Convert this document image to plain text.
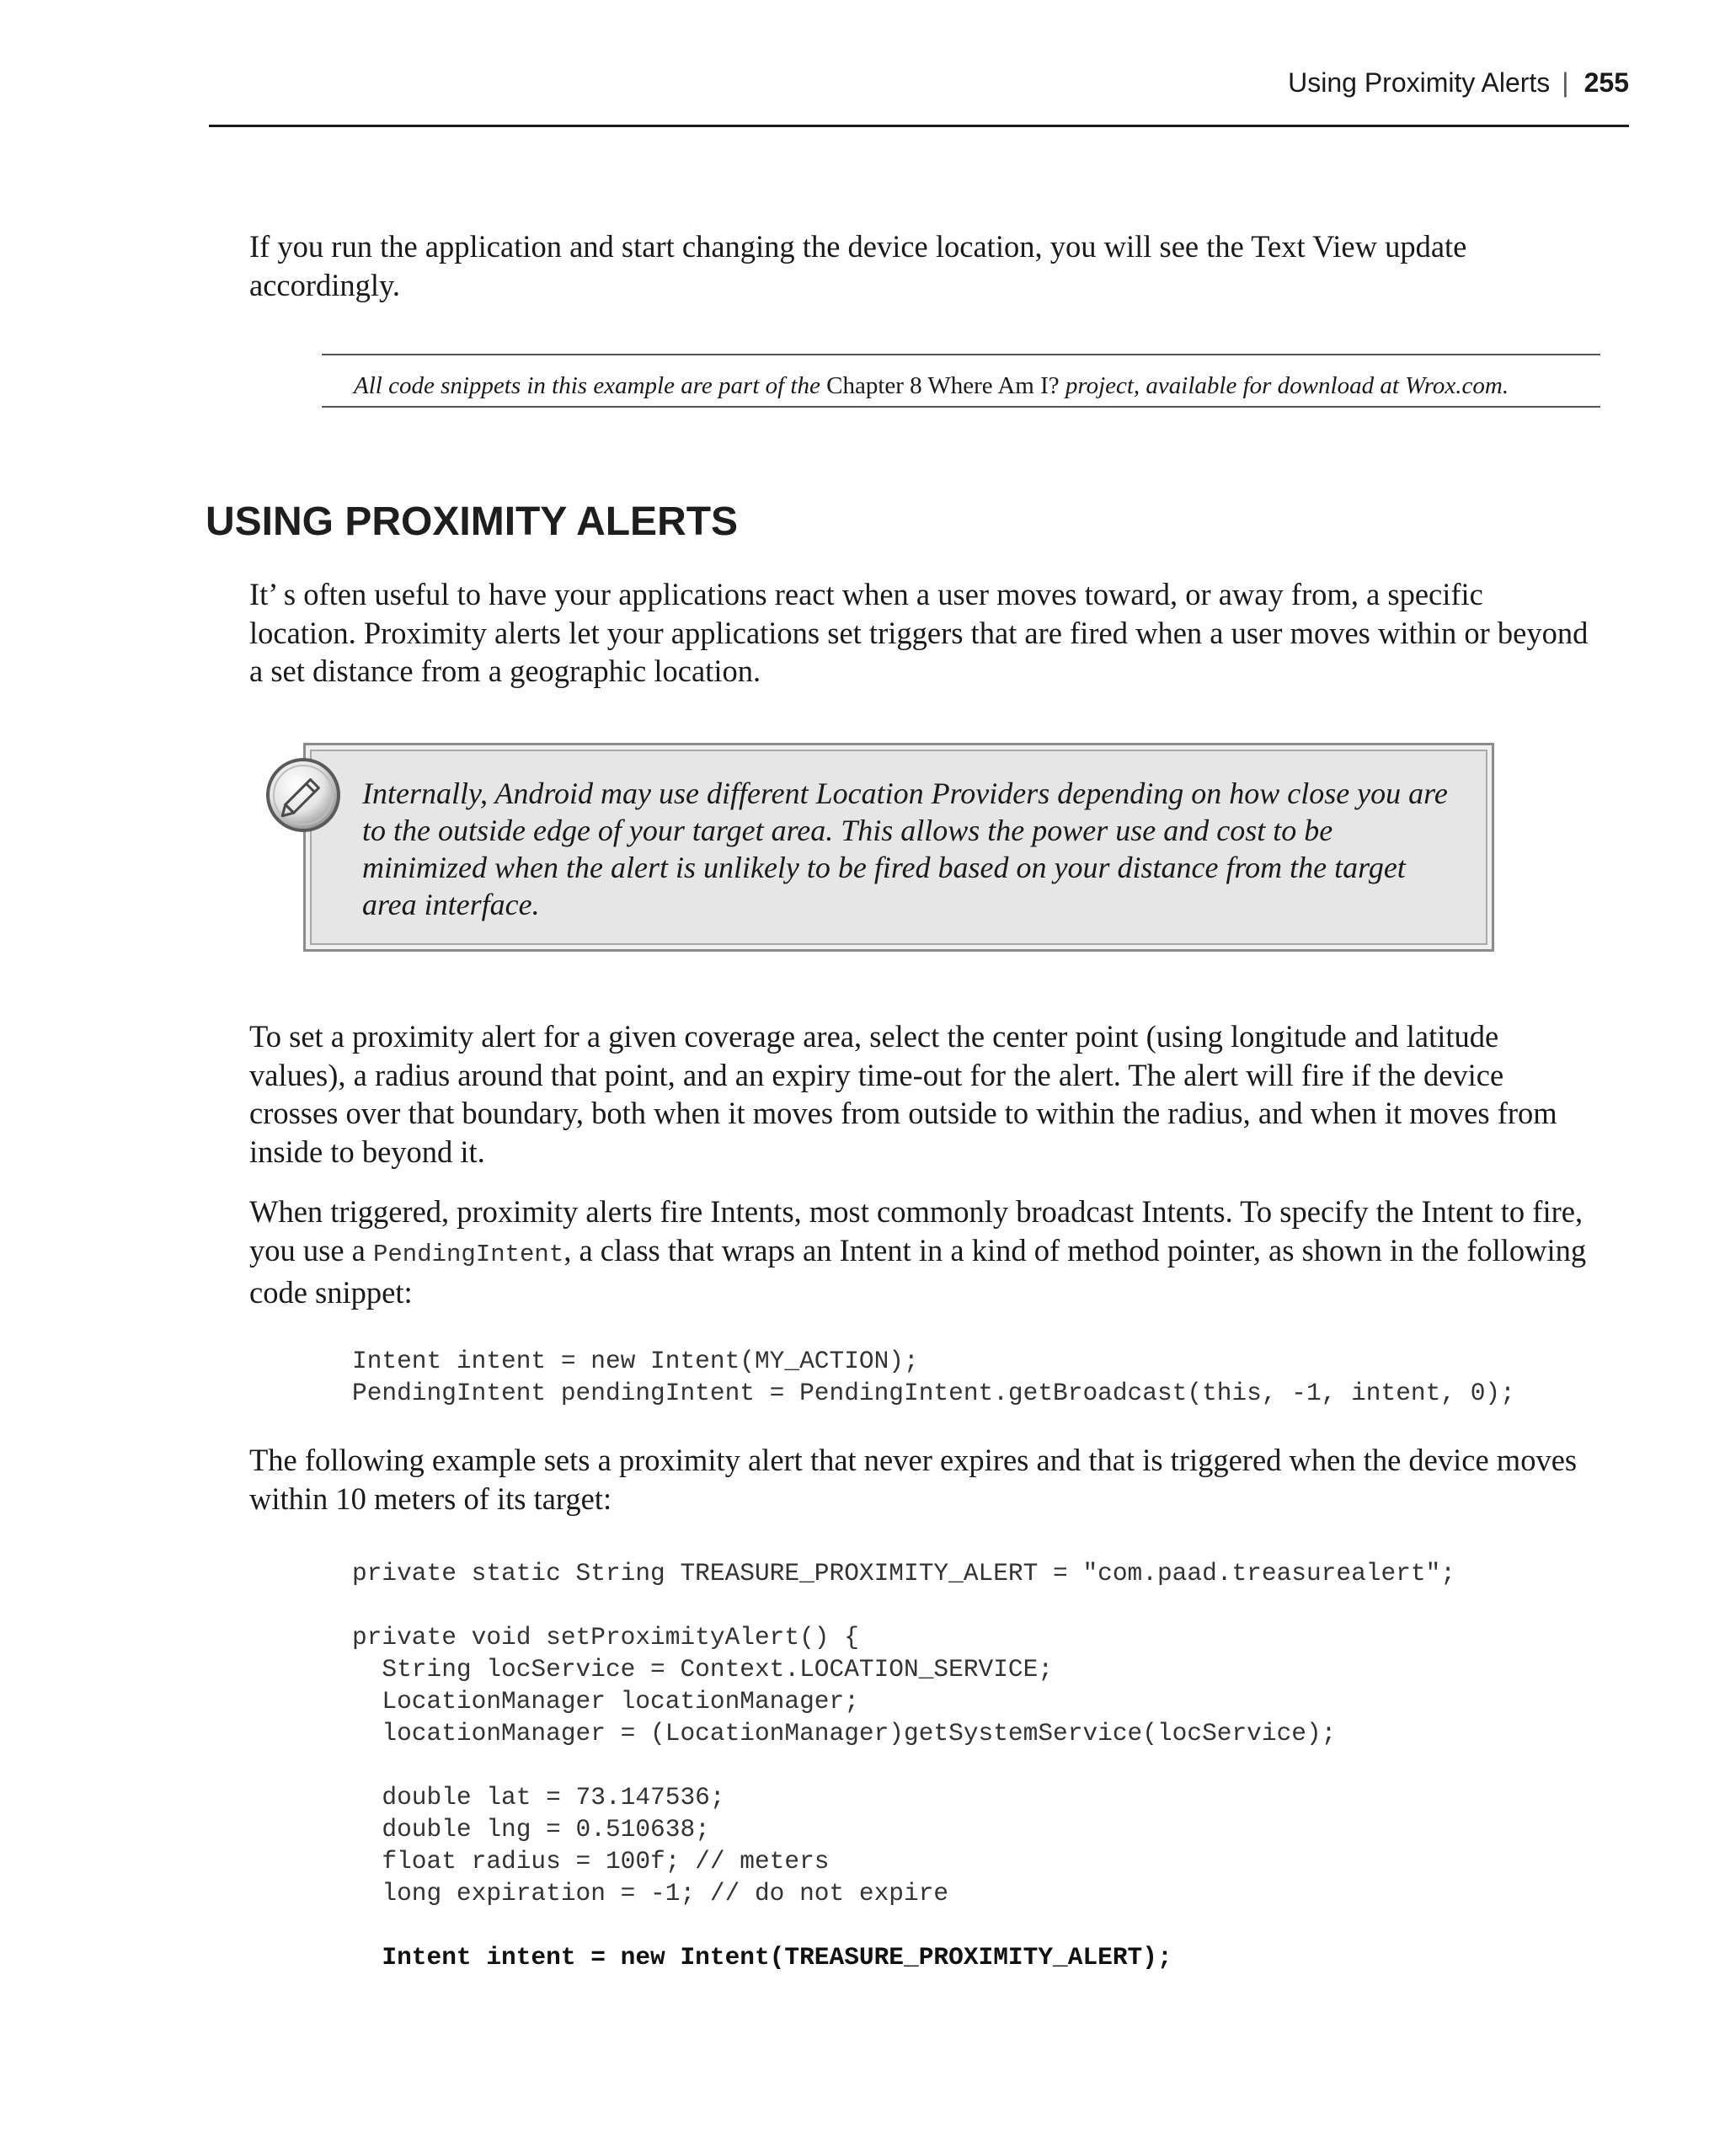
Using Proximity Alerts | 255

If you run the application and start changing the device location, you will see the Text View update accordingly.

All code snippets in this example are part of the Chapter 8 Where Am I? project, available for download at Wrox.com.
USING PROXIMITY ALERTS

It’ s often useful to have your applications react when a user moves toward, or away from, a specific location. Proximity alerts let your applications set triggers that are fired when a user moves within or beyond a set distance from a geographic location.

Internally, Android may use different Location Providers depending on how close you are to the outside edge of your target area. This allows the power use and cost to be minimized when the alert is unlikely to be fired based on your distance from the target area interface.

To set a proximity alert for a given coverage area, select the center point (using longitude and latitude values), a radius around that point, and an expiry time-out for the alert. The alert will fire if the device crosses over that boundary, both when it moves from outside to within the radius, and when it moves from inside to beyond it.

When triggered, proximity alerts fire Intents, most commonly broadcast Intents. To specify the Intent to fire, you use a PendingIntent, a class that wraps an Intent in a kind of method pointer, as shown in the following code snippet:

Intent intent = new Intent(MY_ACTION);
PendingIntent pendingIntent = PendingIntent.getBroadcast(this, -1, intent, 0);

The following example sets a proximity alert that never expires and that is triggered when the device moves within 10 meters of its target:

private static String TREASURE_PROXIMITY_ALERT = "com.paad.treasurealert";

private void setProximityAlert() {
String locService = Context.LOCATION_SERVICE;
LocationManager locationManager;
locationManager = (LocationManager)getSystemService(locService);

double lat = 73.147536;
double lng = 0.510638;
float radius = 100f; // meters
long expiration = -1; // do not expire

Intent intent = new Intent(TREASURE_PROXIMITY_ALERT);
